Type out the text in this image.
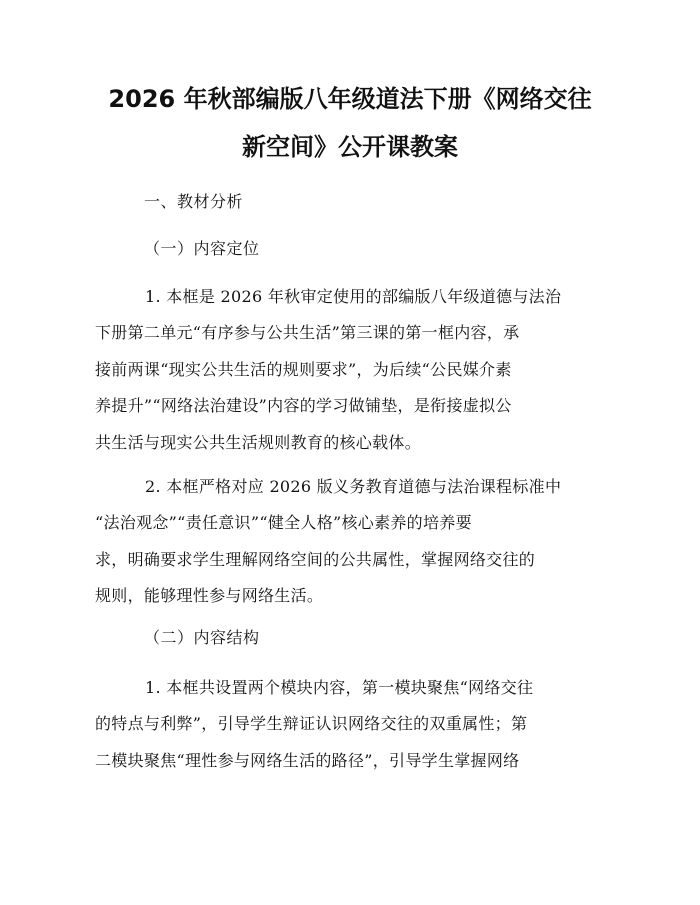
2026 年秋部编版八年级道法下册《网络交往
新空间》公开课教案
一、教材分析
（一）内容定位
1. 本框是 2026 年秋审定使用的部编版八年级道德与法治
下册第二单元“有序参与公共生活”第三课的第一框内容，承
接前两课“现实公共生活的规则要求”，为后续“公民媒介素
养提升”“网络法治建设”内容的学习做铺垫，是衔接虚拟公
共生活与现实公共生活规则教育的核心载体。
2. 本框严格对应 2026 版义务教育道德与法治课程标准中
“法治观念”“责任意识”“健全人格”核心素养的培养要
求，明确要求学生理解网络空间的公共属性，掌握网络交往的
规则，能够理性参与网络生活。
（二）内容结构
1. 本框共设置两个模块内容，第一模块聚焦“网络交往
的特点与利弊”，引导学生辩证认识网络交往的双重属性；第
二模块聚焦“理性参与网络生活的路径”，引导学生掌握网络
